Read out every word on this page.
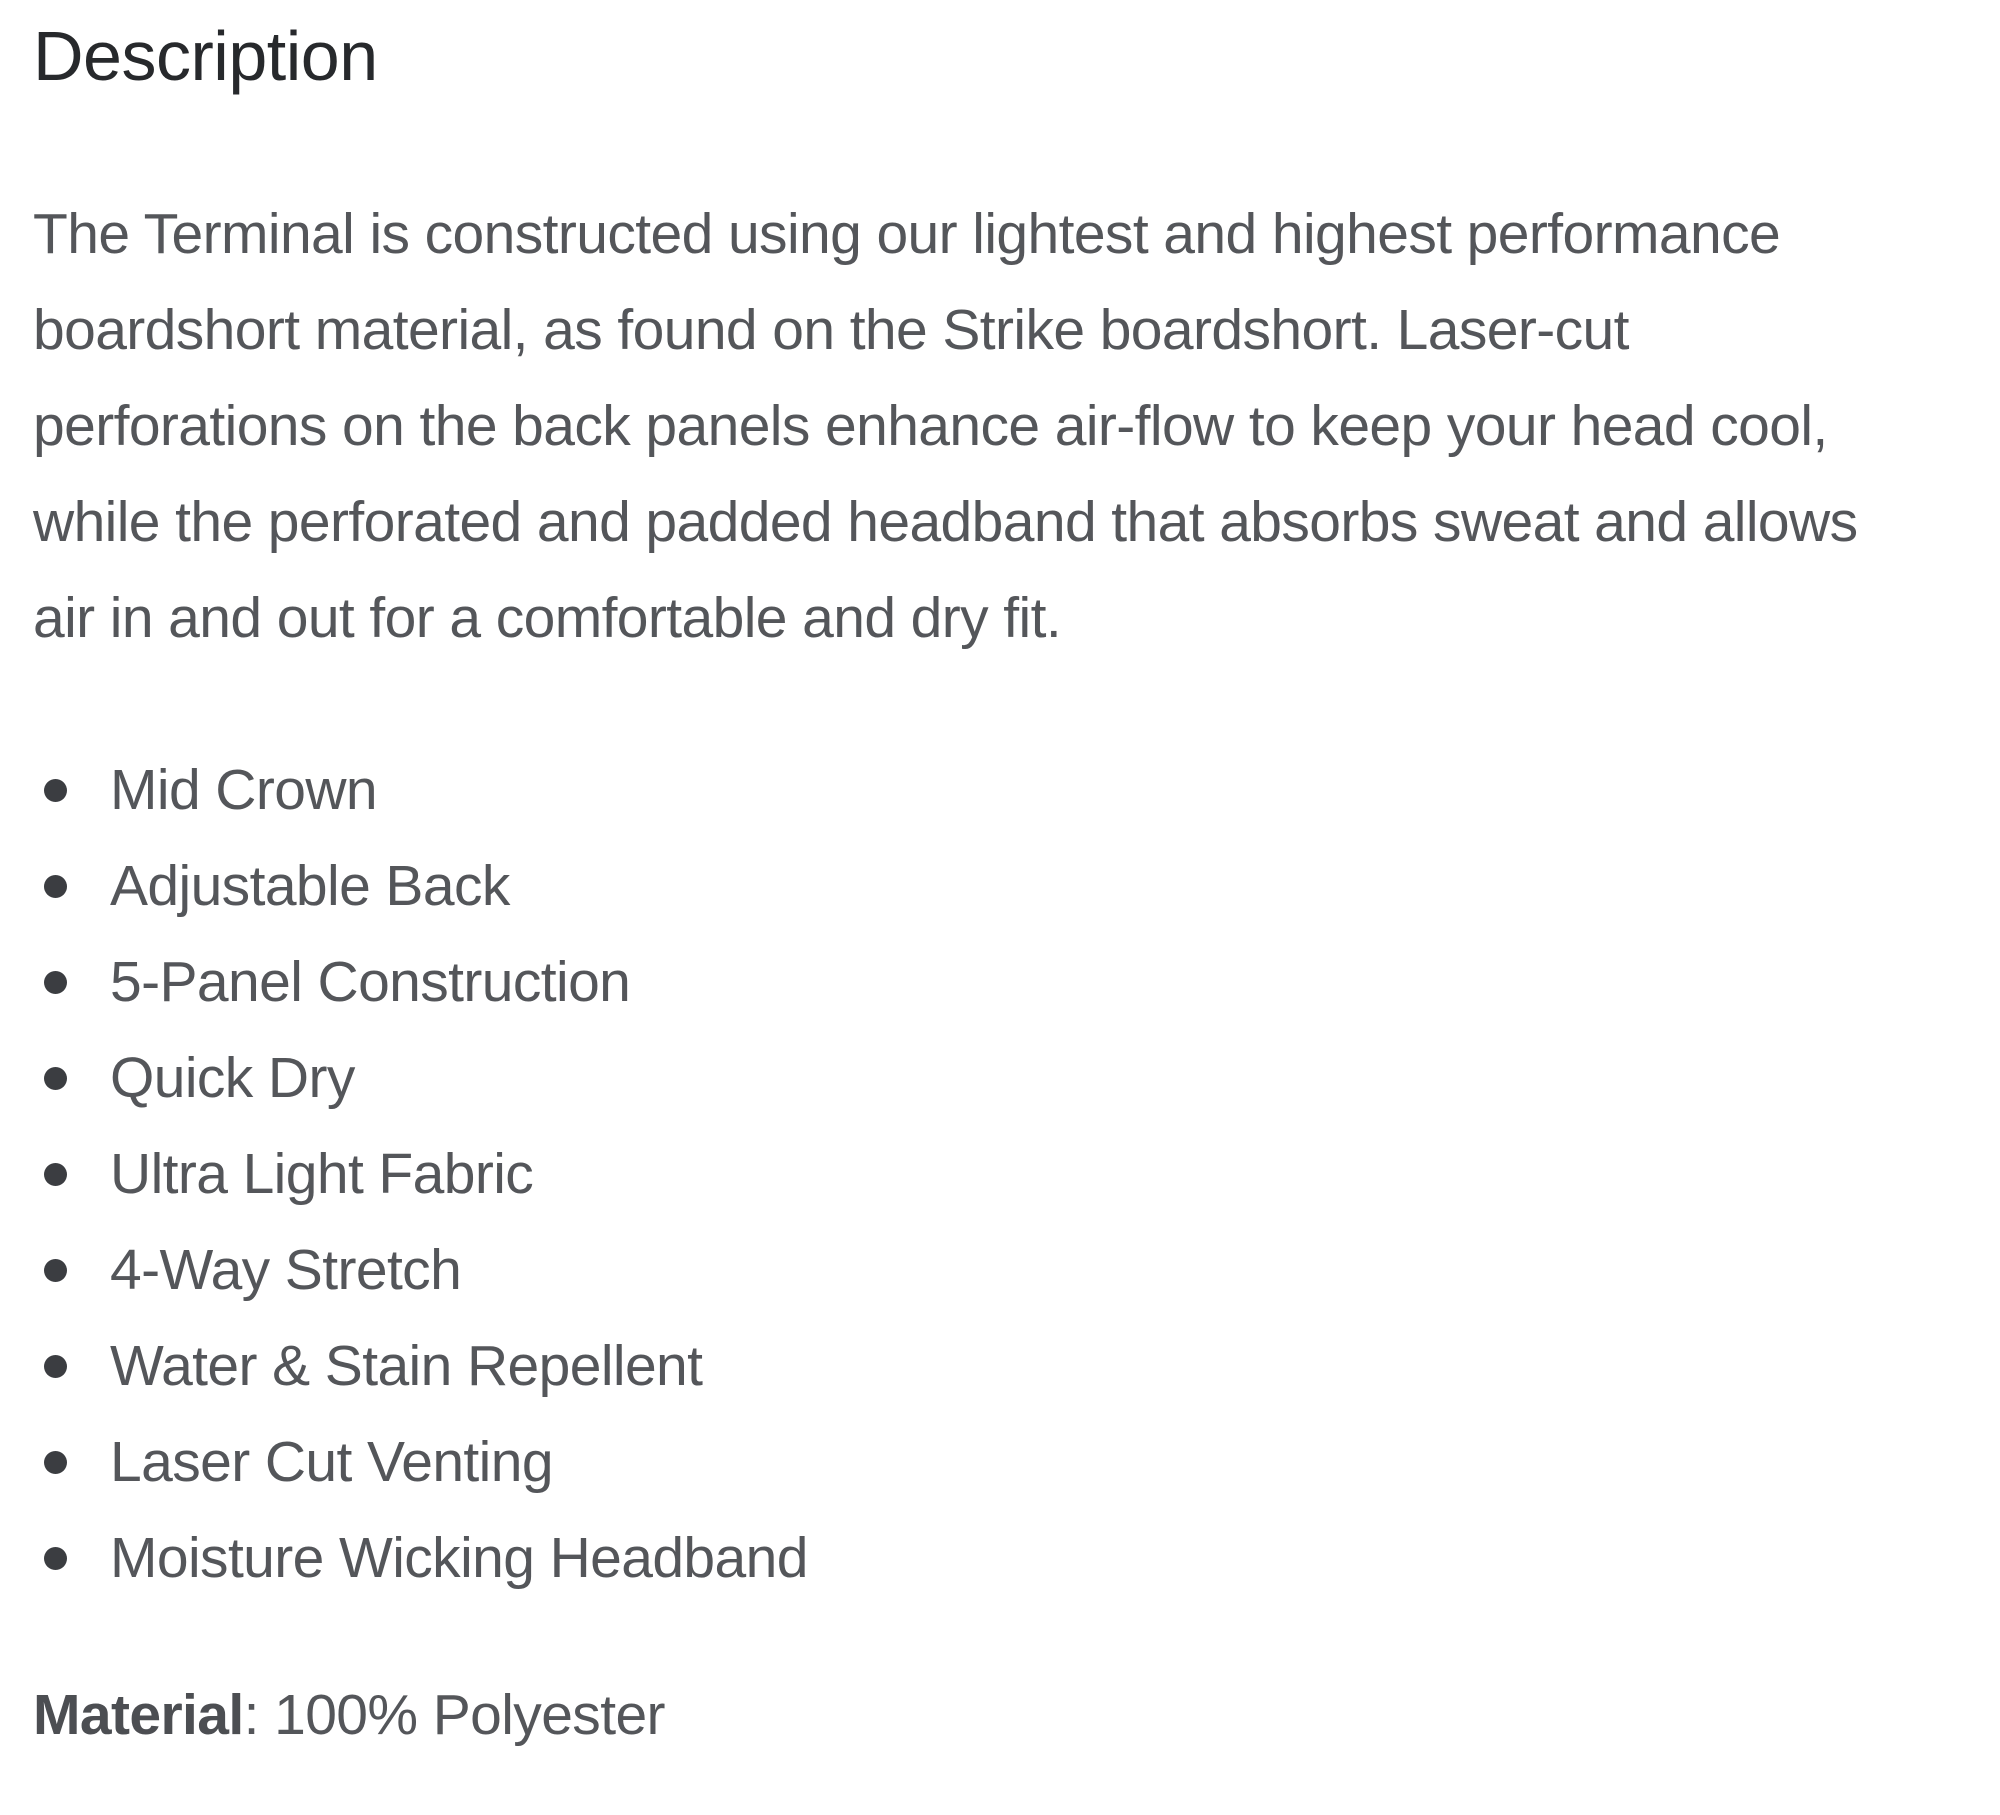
Description

The Terminal is constructed using our lightest and highest performance
boardshort material, as found on the Strike boardshort. Laser-cut
perforations on the back panels enhance air-flow to keep your head cool,
while the perforated and padded headband that absorbs sweat and allows
air in and out for a comfortable and dry fit.

Mid Crown
Adjustable Back
5-Panel Construction
Quick Dry
Ultra Light Fabric
4-Way Stretch
Water & Stain Repellent
Laser Cut Venting
Moisture Wicking Headband

Material: 100% Polyester
